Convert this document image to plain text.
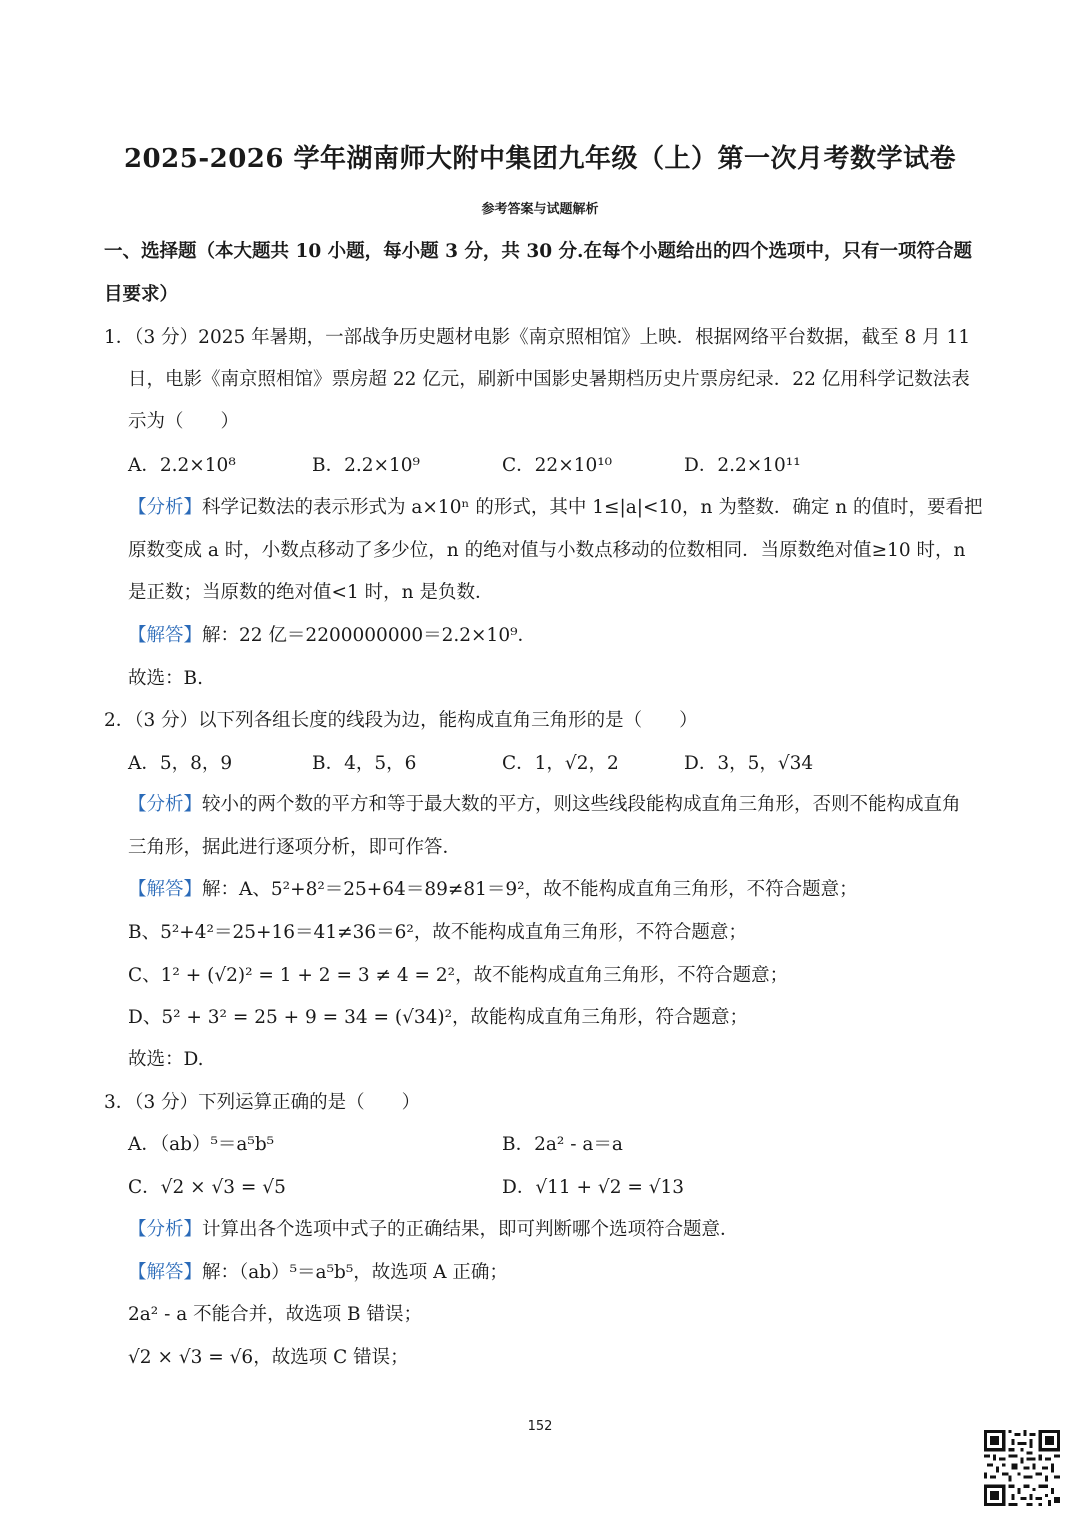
2025-2026 学年湖南师大附中集团九年级（上）第一次月考数学试卷
参考答案与试题解析
一、选择题（本大题共 10 小题，每小题 3 分，共 30 分.在每个小题给出的四个选项中，只有一项符合题
目要求）
1．（3 分）2025 年暑期，一部战争历史题材电影《南京照相馆》上映．根据网络平台数据，截至 8 月 11
日，电影《南京照相馆》票房超 22 亿元，刷新中国影史暑期档历史片票房纪录．22 亿用科学记数法表
示为（　　）
A．2.2×10⁸	B．2.2×10⁹	C．22×10¹⁰	D．2.2×10¹¹
【分析】科学记数法的表示形式为 a×10ⁿ 的形式，其中 1≤|a|<10，n 为整数．确定 n 的值时，要看把
原数变成 a 时，小数点移动了多少位，n 的绝对值与小数点移动的位数相同．当原数绝对值≥10 时，n
是正数；当原数的绝对值<1 时，n 是负数．
【解答】解：22 亿＝2200000000＝2.2×10⁹．
故选：B.
2．（3 分）以下列各组长度的线段为边，能构成直角三角形的是（　　）
A．5，8，9	B．4，5，6	C．1，√2，2	D．3，5，√34
【分析】较小的两个数的平方和等于最大数的平方，则这些线段能构成直角三角形，否则不能构成直角
三角形，据此进行逐项分析，即可作答．
【解答】解：A、5²+8²＝25+64＝89≠81＝9²，故不能构成直角三角形，不符合题意；
B、5²+4²＝25+16＝41≠36＝6²，故不能构成直角三角形，不符合题意；
C、1² + (√2)² = 1 + 2 = 3 ≠ 4 = 2²，故不能构成直角三角形，不符合题意；
D、5² + 3² = 25 + 9 = 34 = (√34)²，故能构成直角三角形，符合题意；
故选：D.
3．（3 分）下列运算正确的是（　　）
A．（ab）⁵＝a⁵b⁵	B．2a² - a＝a
C．√2 × √3 = √5	D．√11 + √2 = √13
【分析】计算出各个选项中式子的正确结果，即可判断哪个选项符合题意．
【解答】解：（ab）⁵＝a⁵b⁵，故选项 A 正确；
2a² - a 不能合并，故选项 B 错误；
√2 × √3 = √6，故选项 C 错误；
152
